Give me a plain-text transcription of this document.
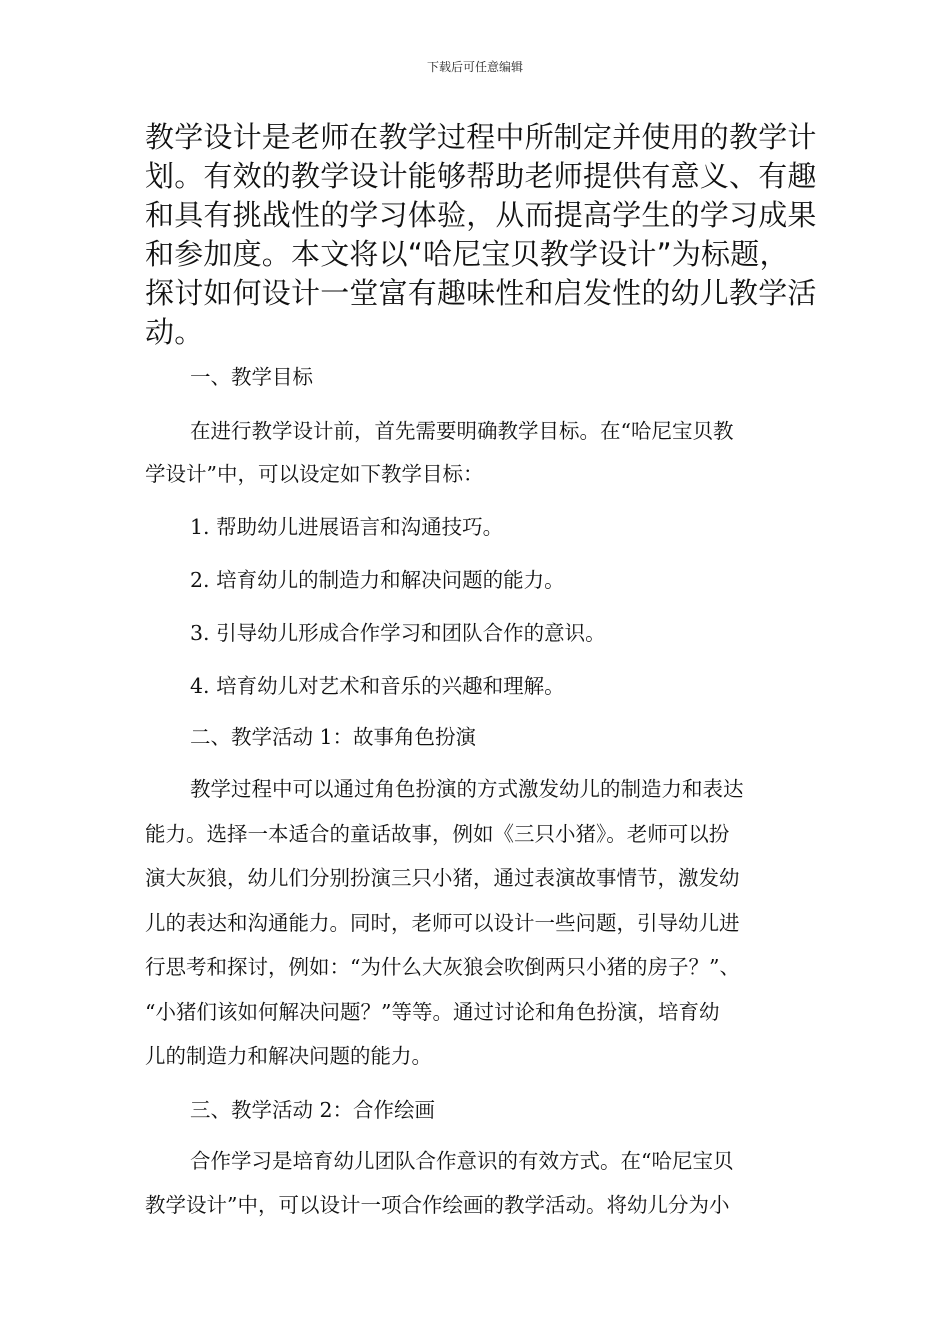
下载后可任意编辑
教学设计是老师在教学过程中所制定并使用的教学计
划。有效的教学设计能够帮助老师提供有意义、有趣
和具有挑战性的学习体验，从而提高学生的学习成果
和参加度。本文将以“哈尼宝贝教学设计”为标题，
探讨如何设计一堂富有趣味性和启发性的幼儿教学活
动。
一、教学目标
在进行教学设计前，首先需要明确教学目标。在“哈尼宝贝教
学设计”中，可以设定如下教学目标：
1. 帮助幼儿进展语言和沟通技巧。
2. 培育幼儿的制造力和解决问题的能力。
3. 引导幼儿形成合作学习和团队合作的意识。
4. 培育幼儿对艺术和音乐的兴趣和理解。
二、教学活动 1：故事角色扮演
教学过程中可以通过角色扮演的方式激发幼儿的制造力和表达
能力。选择一本适合的童话故事，例如《三只小猪》。老师可以扮
演大灰狼，幼儿们分别扮演三只小猪，通过表演故事情节，激发幼
儿的表达和沟通能力。同时，老师可以设计一些问题，引导幼儿进
行思考和探讨，例如：“为什么大灰狼会吹倒两只小猪的房子？”、
“小猪们该如何解决问题？”等等。通过讨论和角色扮演，培育幼
儿的制造力和解决问题的能力。
三、教学活动 2：合作绘画
合作学习是培育幼儿团队合作意识的有效方式。在“哈尼宝贝
教学设计”中，可以设计一项合作绘画的教学活动。将幼儿分为小
